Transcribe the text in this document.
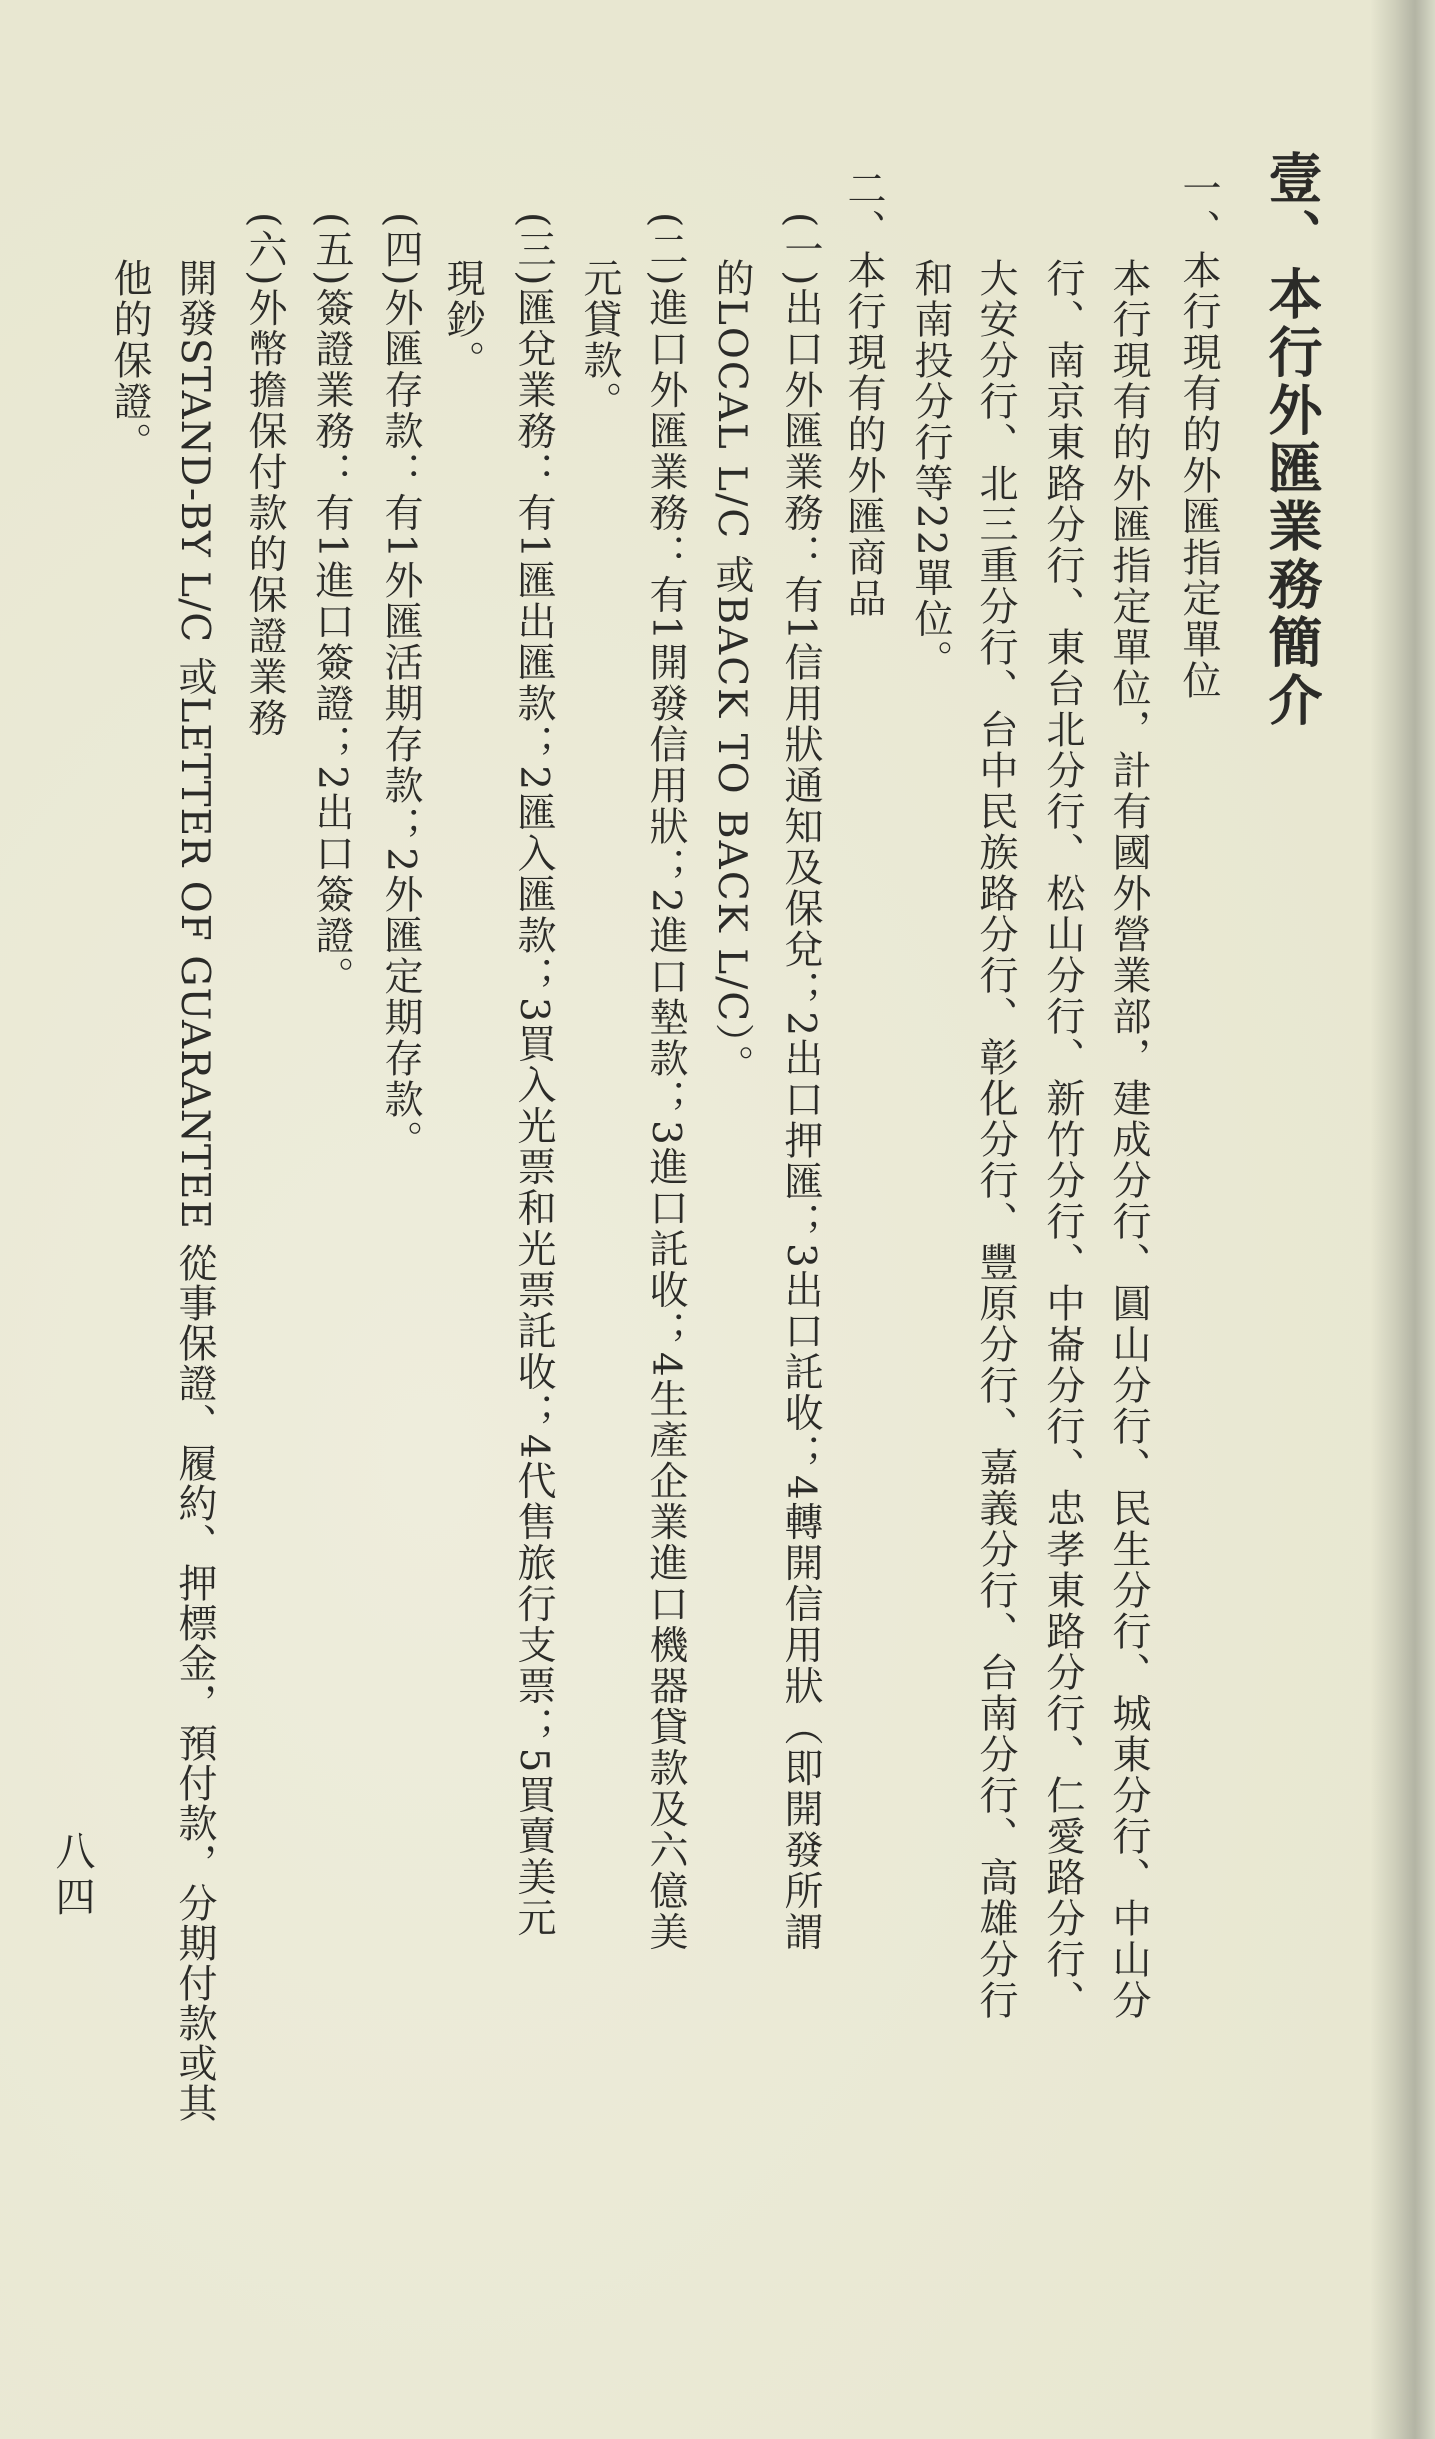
壹、本行外匯業務簡介
一、本行現有的外匯指定單位
本行現有的外匯指定單位，計有國外營業部，建成分行、圓山分行、民生分行、城東分行、中山分
行、南京東路分行、東台北分行、松山分行、新竹分行、中崙分行、忠孝東路分行、仁愛路分行、
大安分行、北三重分行、台中民族路分行、彰化分行、豐原分行、嘉義分行、台南分行、高雄分行
和南投分行等22單位。
二、本行現有的外匯商品
(一)出口外匯業務：有1信用狀通知及保兌；2出口押匯；3出口託收；4轉開信用狀（即開發所謂
的LOCAL L/C 或BACK TO BACK L/C）。
(二)進口外匯業務：有1開發信用狀；2進口墊款；3進口託收；4生產企業進口機器貸款及六億美
元貸款。
(三)匯兌業務：有1匯出匯款；2匯入匯款；3買入光票和光票託收；4代售旅行支票；5買賣美元
現鈔。
(四)外匯存款：有1外匯活期存款；2外匯定期存款。
(五)簽證業務：有1進口簽證；2出口簽證。
(六)外幣擔保付款的保證業務
開發STAND-BY L/C 或LETTER OF GUARANTEE 從事保證、履約、押標金，預付款，分期付款或其
他的保證。
八四
